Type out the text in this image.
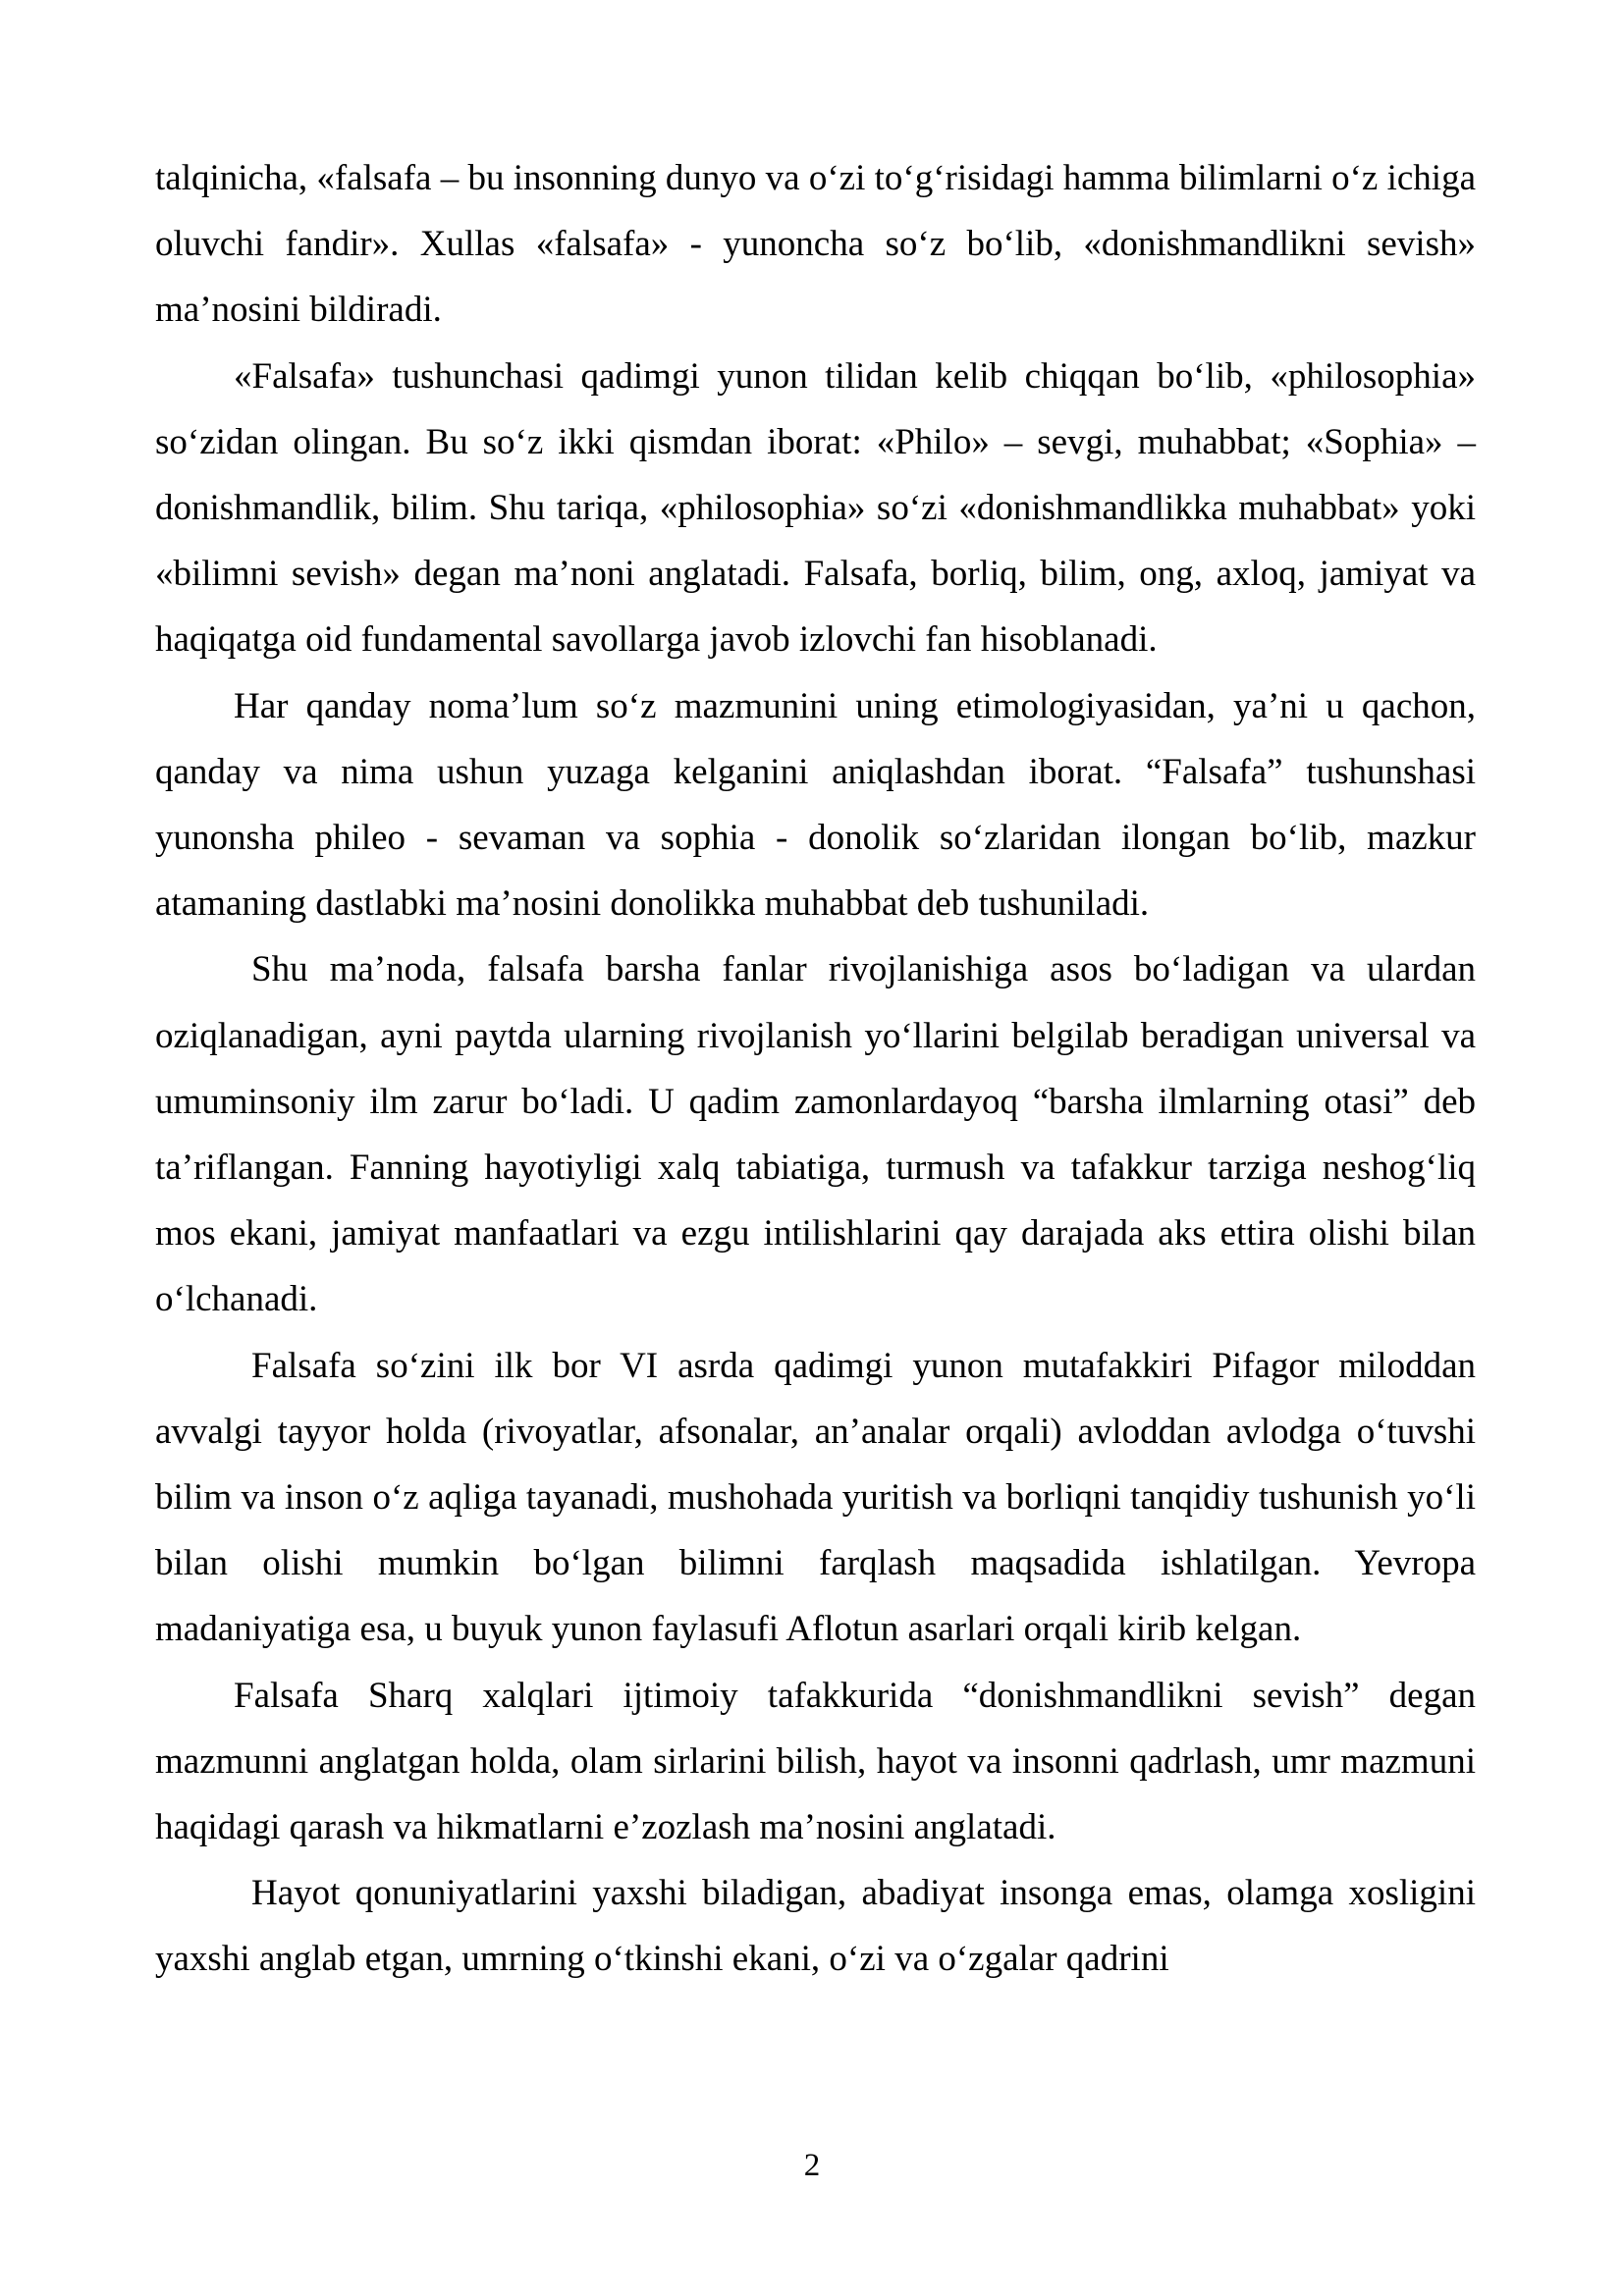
talqinicha, «falsafa – bu insonning dunyo va o‘zi to‘g‘risidagi hamma bilimlarni o‘z ichiga oluvchi fandir». Xullas «falsafa» - yunoncha so‘z bo‘lib, «donishmandlikni sevish» ma’nosini bildiradi.

«Falsafa» tushunchasi qadimgi yunon tilidan kelib chiqqan bo‘lib, «philosophia» so‘zidan olingan. Bu so‘z ikki qismdan iborat: «Philo» – sevgi, muhabbat; «Sophia» – donishmandlik, bilim. Shu tariqa, «philosophia» so‘zi «donishmandlikka muhabbat» yoki «bilimni sevish» degan ma’noni anglatadi. Falsafa, borliq, bilim, ong, axloq, jamiyat va haqiqatga oid fundamental savollarga javob izlovchi fan hisoblanadi.

Har qanday noma’lum so‘z mazmunini uning etimologiyasidan, ya’ni u qachon, qanday va nima ushun yuzaga kelganini aniqlashdan iborat. “Falsafa” tushunshasi yunonsha phileo - sevaman va sophia - donolik so‘zlaridan ilongan bo‘lib, mazkur atamaning dastlabki ma’nosini donolikka muhabbat deb tushuniladi.

Shu ma’noda, falsafa barsha fanlar rivojlanishiga asos bo‘ladigan va ulardan oziqlanadigan, ayni paytda ularning rivojlanish yo‘llarini belgilab beradigan universal va umuminsoniy ilm zarur bo‘ladi. U qadim zamonlardayoq “barsha ilmlarning otasi” deb ta’riflangan. Fanning hayotiyligi xalq tabiatiga, turmush va tafakkur tarziga neshog‘liq mos ekani, jamiyat manfaatlari va ezgu intilishlarini qay darajada aks ettira olishi bilan o‘lchanadi.

Falsafa so‘zini ilk bor VI asrda qadimgi yunon mutafakkiri Pifagor miloddan avvalgi tayyor holda (rivoyatlar, afsonalar, an’analar orqali) avloddan avlodga o‘tuvshi bilim va inson o‘z aqliga tayanadi, mushohada yuritish va borliqni tanqidiy tushunish yo‘li bilan olishi mumkin bo‘lgan bilimni farqlash maqsadida ishlatilgan. Yevropa madaniyatiga esa, u buyuk yunon faylasufi Aflotun asarlari orqali kirib kelgan.

Falsafa Sharq xalqlari ijtimoiy tafakkurida “donishmandlikni sevish” degan mazmunni anglatgan holda, olam sirlarini bilish, hayot va insonni qadrlash, umr mazmuni haqidagi qarash va hikmatlarni e’zozlash ma’nosini anglatadi.

Hayot qonuniyatlarini yaxshi biladigan, abadiyat insonga emas, olamga xosligini yaxshi anglab etgan, umrning o‘tkinshi ekani, o‘zi va o‘zgalar qadrini

2
